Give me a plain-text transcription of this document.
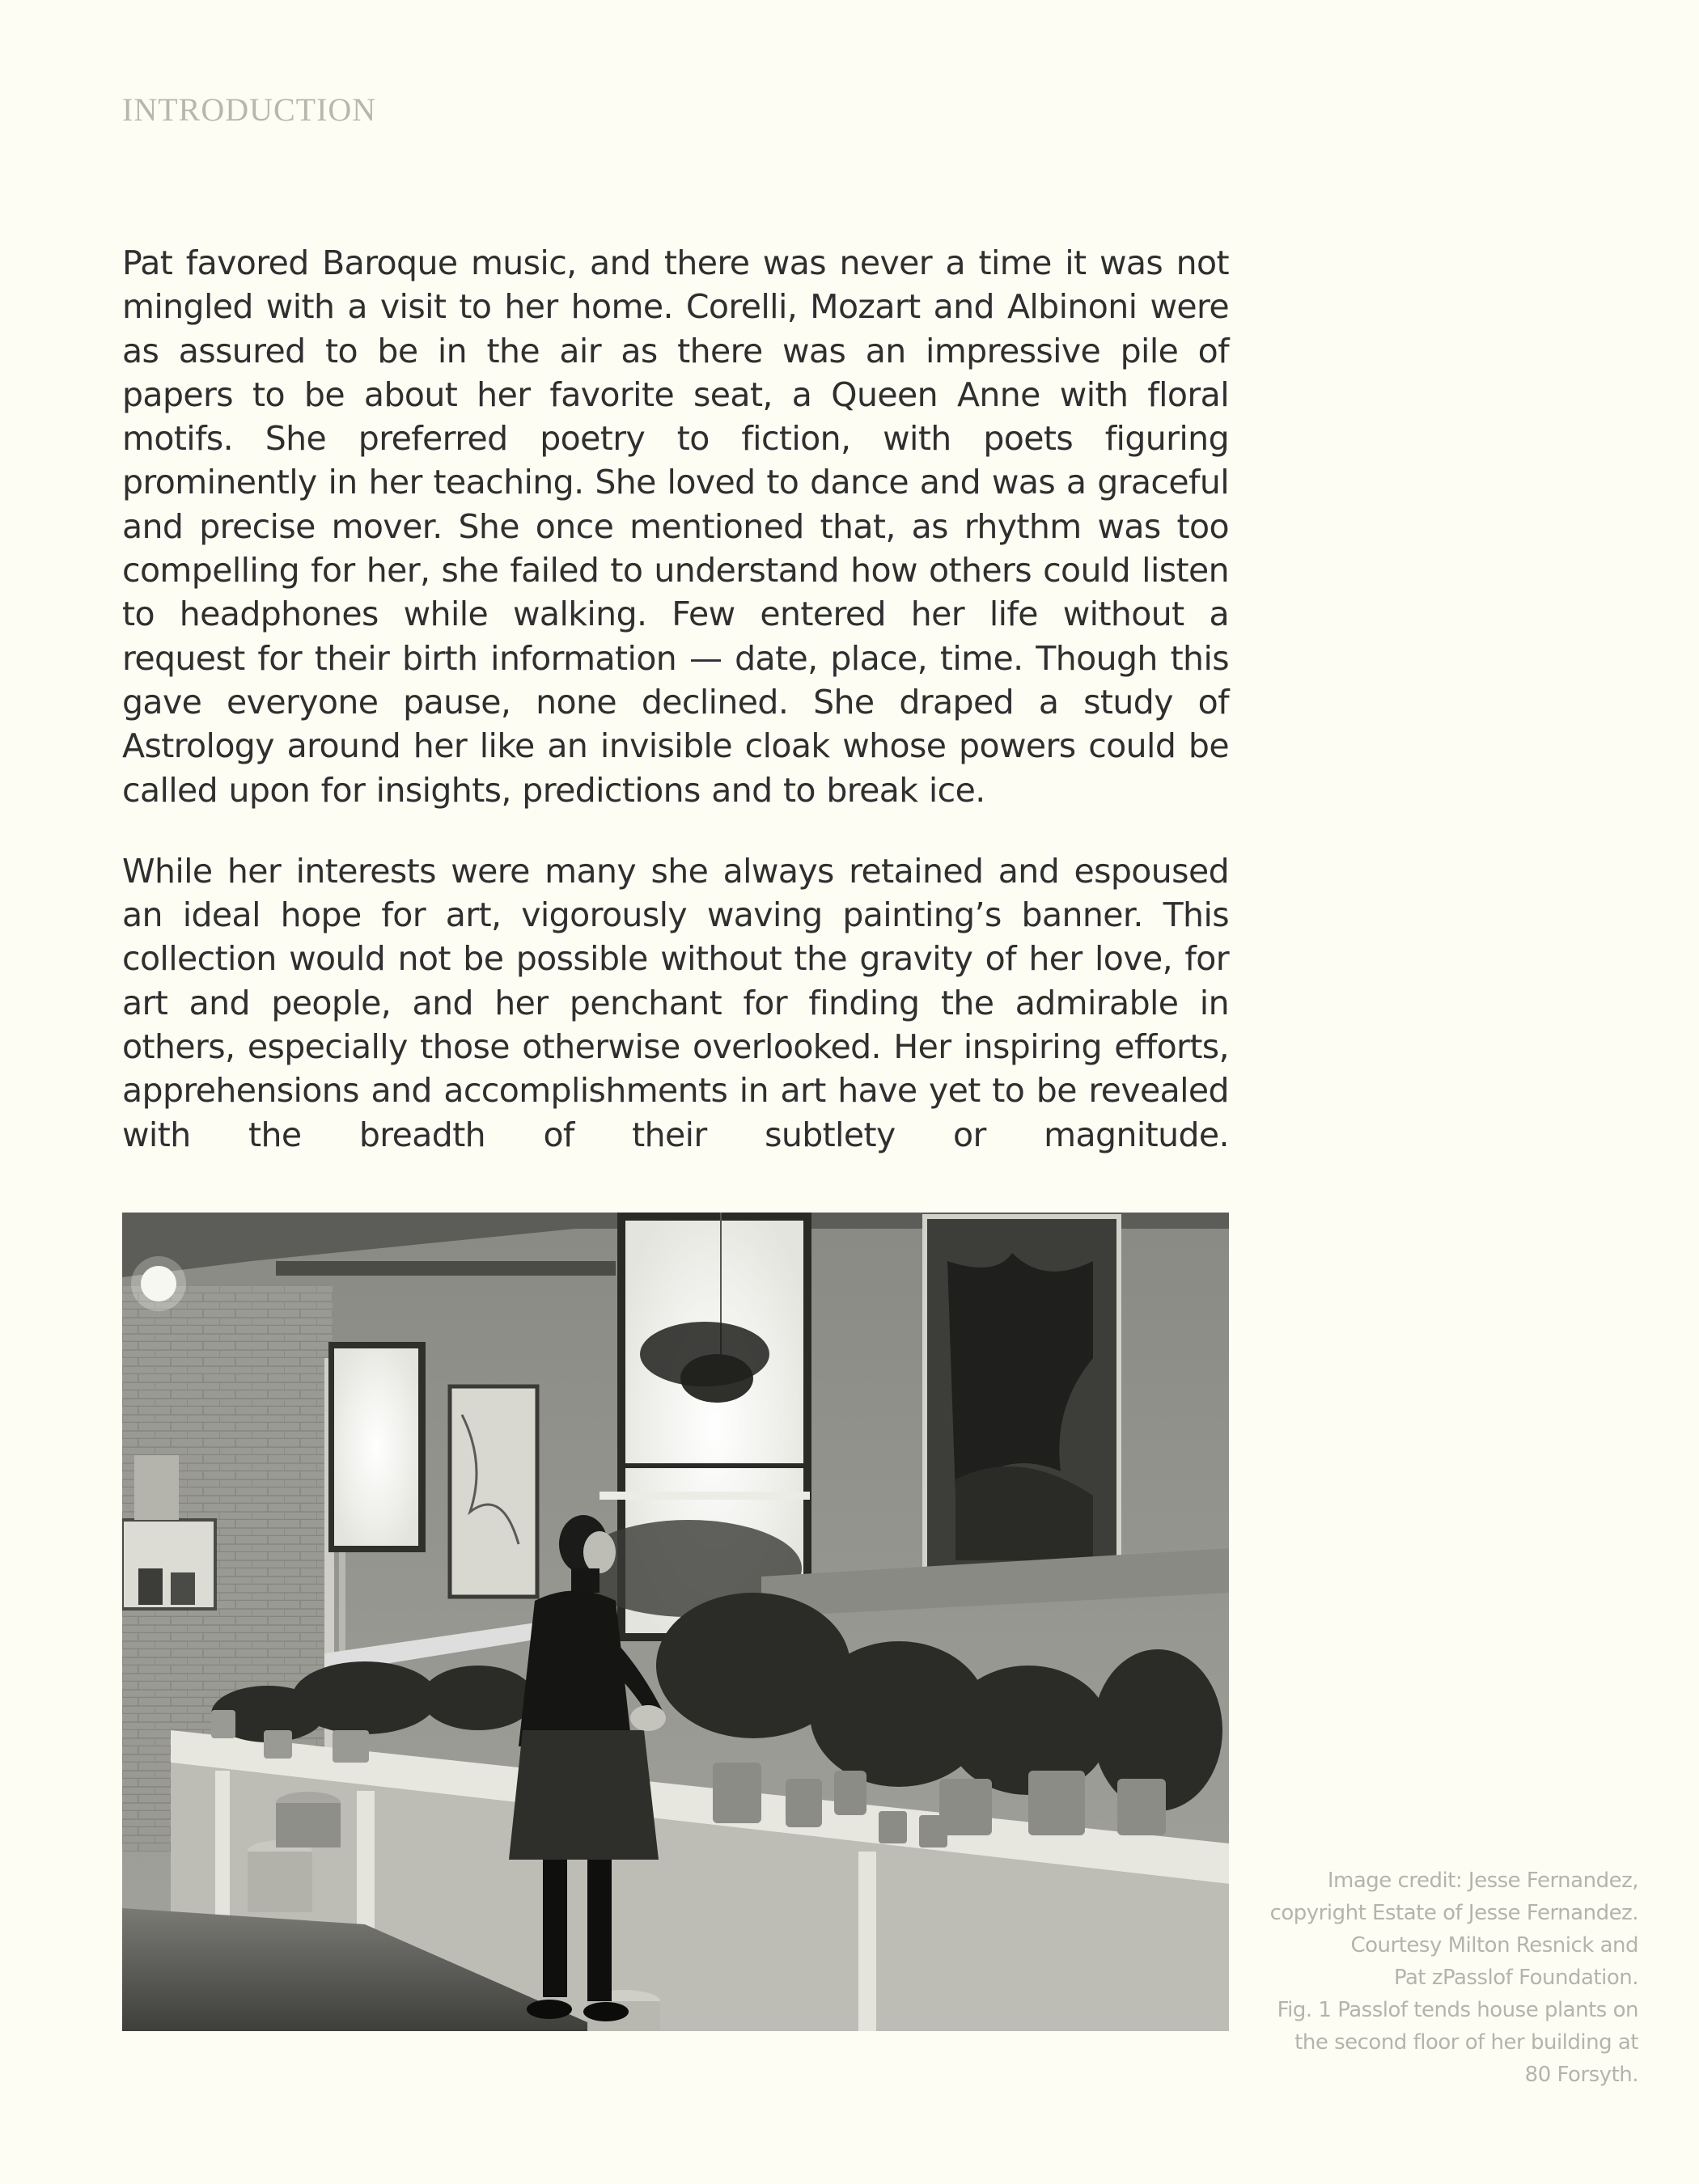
INTRODUCTION

Pat favored Baroque music, and there was never a time it was not mingled with a visit to her home. Corelli, Mozart and Albinoni were as assured to be in the air as there was an impressive pile of papers to be about her favorite seat, a Queen Anne with floral motifs. She preferred poetry to fiction, with poets figuring prominently in her teaching. She loved to dance and was a graceful and precise mover. She once mentioned that, as rhythm was too compelling for her, she failed to understand how others could listen to headphones while walking. Few entered her life without a request for their birth information — date, place, time. Though this gave everyone pause, none declined. She draped a study of Astrology around her like an invisible cloak whose powers could be called upon for insights, predictions and to break ice.

While her interests were many she always retained and espoused an ideal hope for art, vigorously waving painting’s banner. This collection would not be possible without the gravity of her love, for art and people, and her penchant for finding the admirable in others, especially those otherwise overlooked. Her inspiring efforts, apprehensions and accomplishments in art have yet to be revealed with the breadth of their subtlety or magnitude.

Image credit: Jesse Fernandez,
copyright Estate of Jesse Fernandez.
Courtesy Milton Resnick and
Pat zPasslof Foundation.
Fig. 1 Passlof tends house plants on
the second floor of her building at
80 Forsyth.
